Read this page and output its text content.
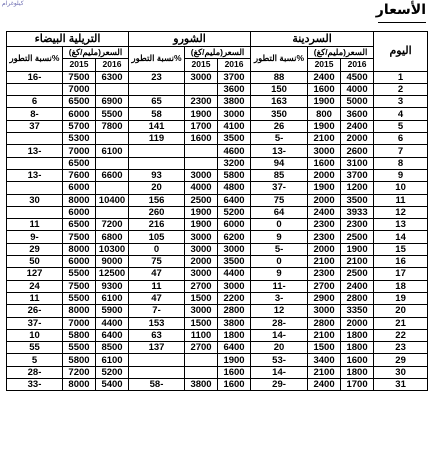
كيلوغرام	الأسعار
التريلية البيضاء			الشورو			السردينة			اليوم
نسبة التطور%	السعر(مليم/كغ)		نسبة التطور%	السعر(مليم/كغ)		نسبة التطور%	السعر(مليم/كغ)		
	2015	2016		2015	2016		2015	2016	
16-	7500	6300	23	3000	3700	88	2400	4500	1
	7000				3600	150	1600	4000	2
6	6500	6900	65	2300	3800	163	1900	5000	3
8-	6000	5500	58	1900	3000	350	800	3600	4
37	5700	7800	141	1700	4100	26	1900	2400	5
	5300		119	1600	3500	5-	2100	2000	6
13-	7000	6100			4600	13-	3000	2600	7
	6500				3200	94	1600	3100	8
13-	7600	6600	93	3000	5800	85	2000	3700	9
	6000		20	4000	4800	37-	1900	1200	10
30	8000	10400	156	2500	6400	75	2000	3500	11
	6000		260	1900	5200	64	2400	3933	12
11	6500	7200	216	1900	6000	0	2300	2300	13
9-	7500	6800	105	3000	6200	9	2300	2500	14
29	8000	10300	0	3000	3000	5-	2000	1900	15
50	6000	9000	75	2000	3500	0	2100	2100	16
127	5500	12500	47	3000	4400	9	2300	2500	17
24	7500	9300	11	2700	3000	11-	2700	2400	18
11	5500	6100	47	1500	2200	3-	2900	2800	19
26-	8000	5900	7-	3000	2800	12	3000	3350	20
37-	7000	4400	153	1500	3800	28-	2800	2000	21
10	5800	6400	63	1100	1800	14-	2100	1800	22
55	5500	8500	137	2700	6400	20	1500	1800	23
5	5800	6100			1900	53-	3400	1600	29
28-	7200	5200			1600	14-	2100	1800	30
33-	8000	5400	58-	3800	1600	29-	2400	1700	31
